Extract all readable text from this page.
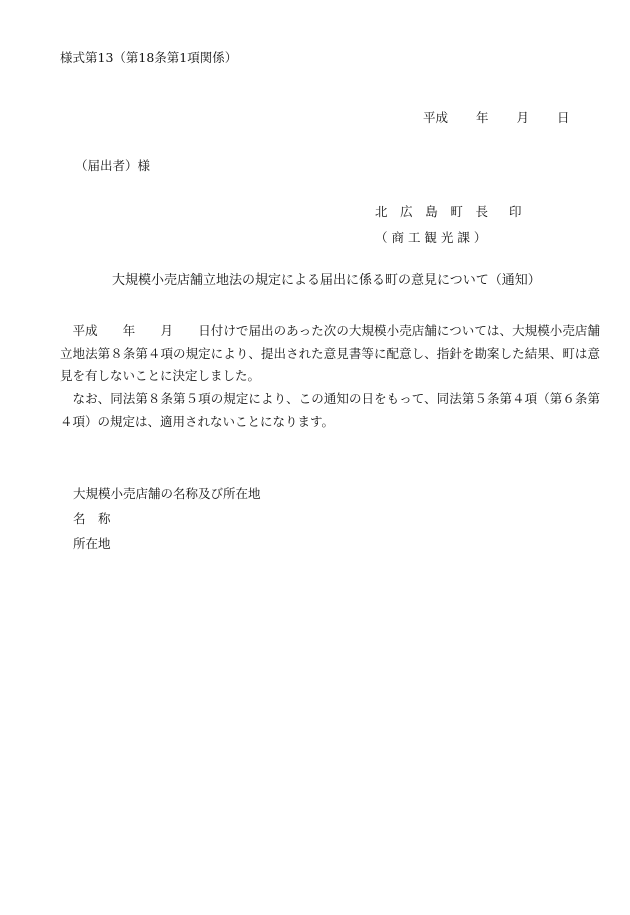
様式第13（第18条第1項関係）
平成 年 月 日
（届出者）様
北 広 島 町 長 印
（ 商 工 観 光 課 ）
大規模小売店舗立地法の規定による届出に係る町の意見について（通知）
平成　　年　　月　　日付けで届出のあった次の大規模小売店舗については、大規模小売店舗立地法第８条第４項の規定により、提出された意見書等に配意し、指針を勘案した結果、町は意見を有しないことに決定しました。
なお、同法第８条第５項の規定により、この通知の日をもって、同法第５条第４項（第６条第４項）の規定は、適用されないことになります。
大規模小売店舗の名称及び所在地
名　称
所在地
